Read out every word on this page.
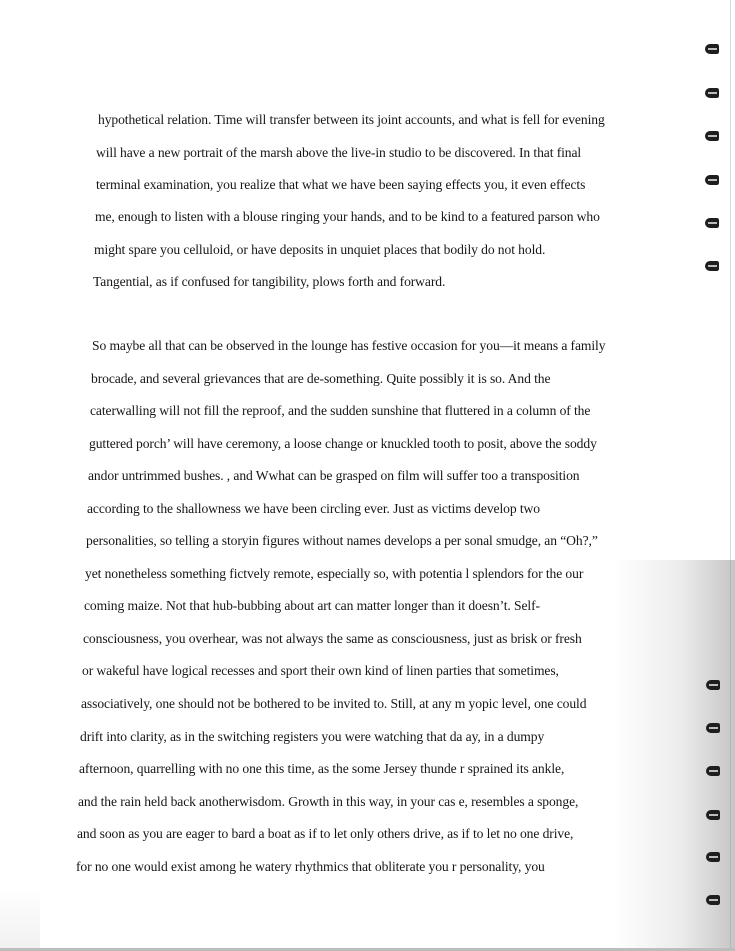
hypothetical relation. Time will transfer between its joint accounts, and what is fell for evening
will have a new portrait of the marsh above the live-in studio to be discovered. In that final
terminal examination, you realize that what we have been saying effects you, it even effects
me, enough to listen with a blouse ringing your hands, and to be kind to a featured parson who
might spare you celluloid, or have deposits in unquiet places that bodily do not hold.
Tangential, as if confused for tangibility, plows forth and forward.
So maybe all that can be observed in the lounge has festive occasion for you—it means a family
brocade, and several grievances that are de-something. Quite possibly it is so. And the
caterwalling will not fill the reproof, and the sudden sunshine that fluttered in a column of the
guttered porch’ will have ceremony, a loose change or knuckled tooth to posit, above the soddy
andor untrimmed bushes. , and Wwhat can be grasped on film will suffer too a transposition
according to the shallowness we have been circling ever. Just as victims develop two
personalities, so telling a storyin figures without names develops a per sonal smudge, an “Oh?,”
yet nonetheless something fictvely remote, especially so, with potentia l splendors for the our
coming maize. Not that hub-bubbing about art can matter longer than it doesn’t. Self-
consciousness, you overhear, was not always the same as consciousness, just as brisk or fresh
or wakeful have logical recesses and sport their own kind of linen parties that sometimes,
associatively, one should not be bothered to be invited to. Still, at any m yopic level, one could
drift into clarity, as in the switching registers you were watching that da ay, in a dumpy
afternoon, quarrelling with no one this time, as the some Jersey thunde r sprained its ankle,
and the rain held back anotherwisdom. Growth in this way, in your cas e, resembles a sponge,
and soon as you are eager to bard a boat as if to let only others drive, as if to let no one drive,
for no one would exist among he watery rhythmics that obliterate you r personality, you
